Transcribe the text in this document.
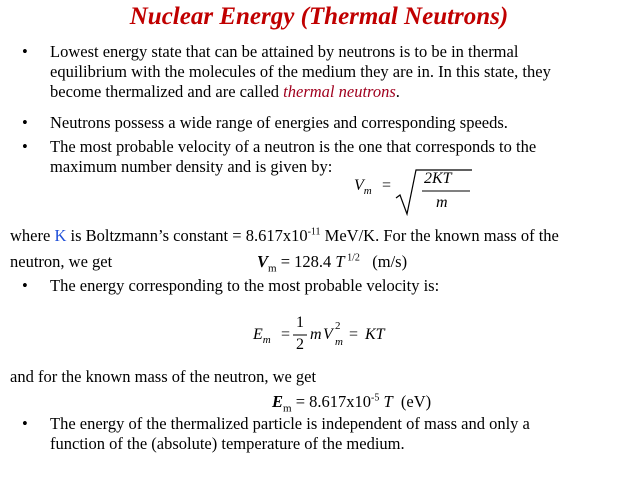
Nuclear Energy (Thermal Neutrons)
• Lowest energy state that can be attained by neutrons is to be in thermal
equilibrium with the molecules of the medium they are in. In this state, they
become thermalized and are called thermal neutrons.
• Neutrons possess a wide range of energies and corresponding speeds.
• The most probable velocity of a neutron is the one that corresponds to the
maximum number density and is given by:
$V_m = 2KT$
m
where K is Boltzmann’s constant = $8.617x10^{-11}$ MeV/K. For the known mass of the
neutron, we get	$V_m = 128.4$ T $^{1/2}$   (m/s)
• The energy corresponding to the most probable velocity is:
$E_m$ =
1
2
m V 2
m = KT
and for the known mass of the neutron, we get
$E_m = 8.617x10^{-5}$ T  (eV)
• The energy of the thermalized particle is independent of mass and only a
function of the (absolute) temperature of the medium.
